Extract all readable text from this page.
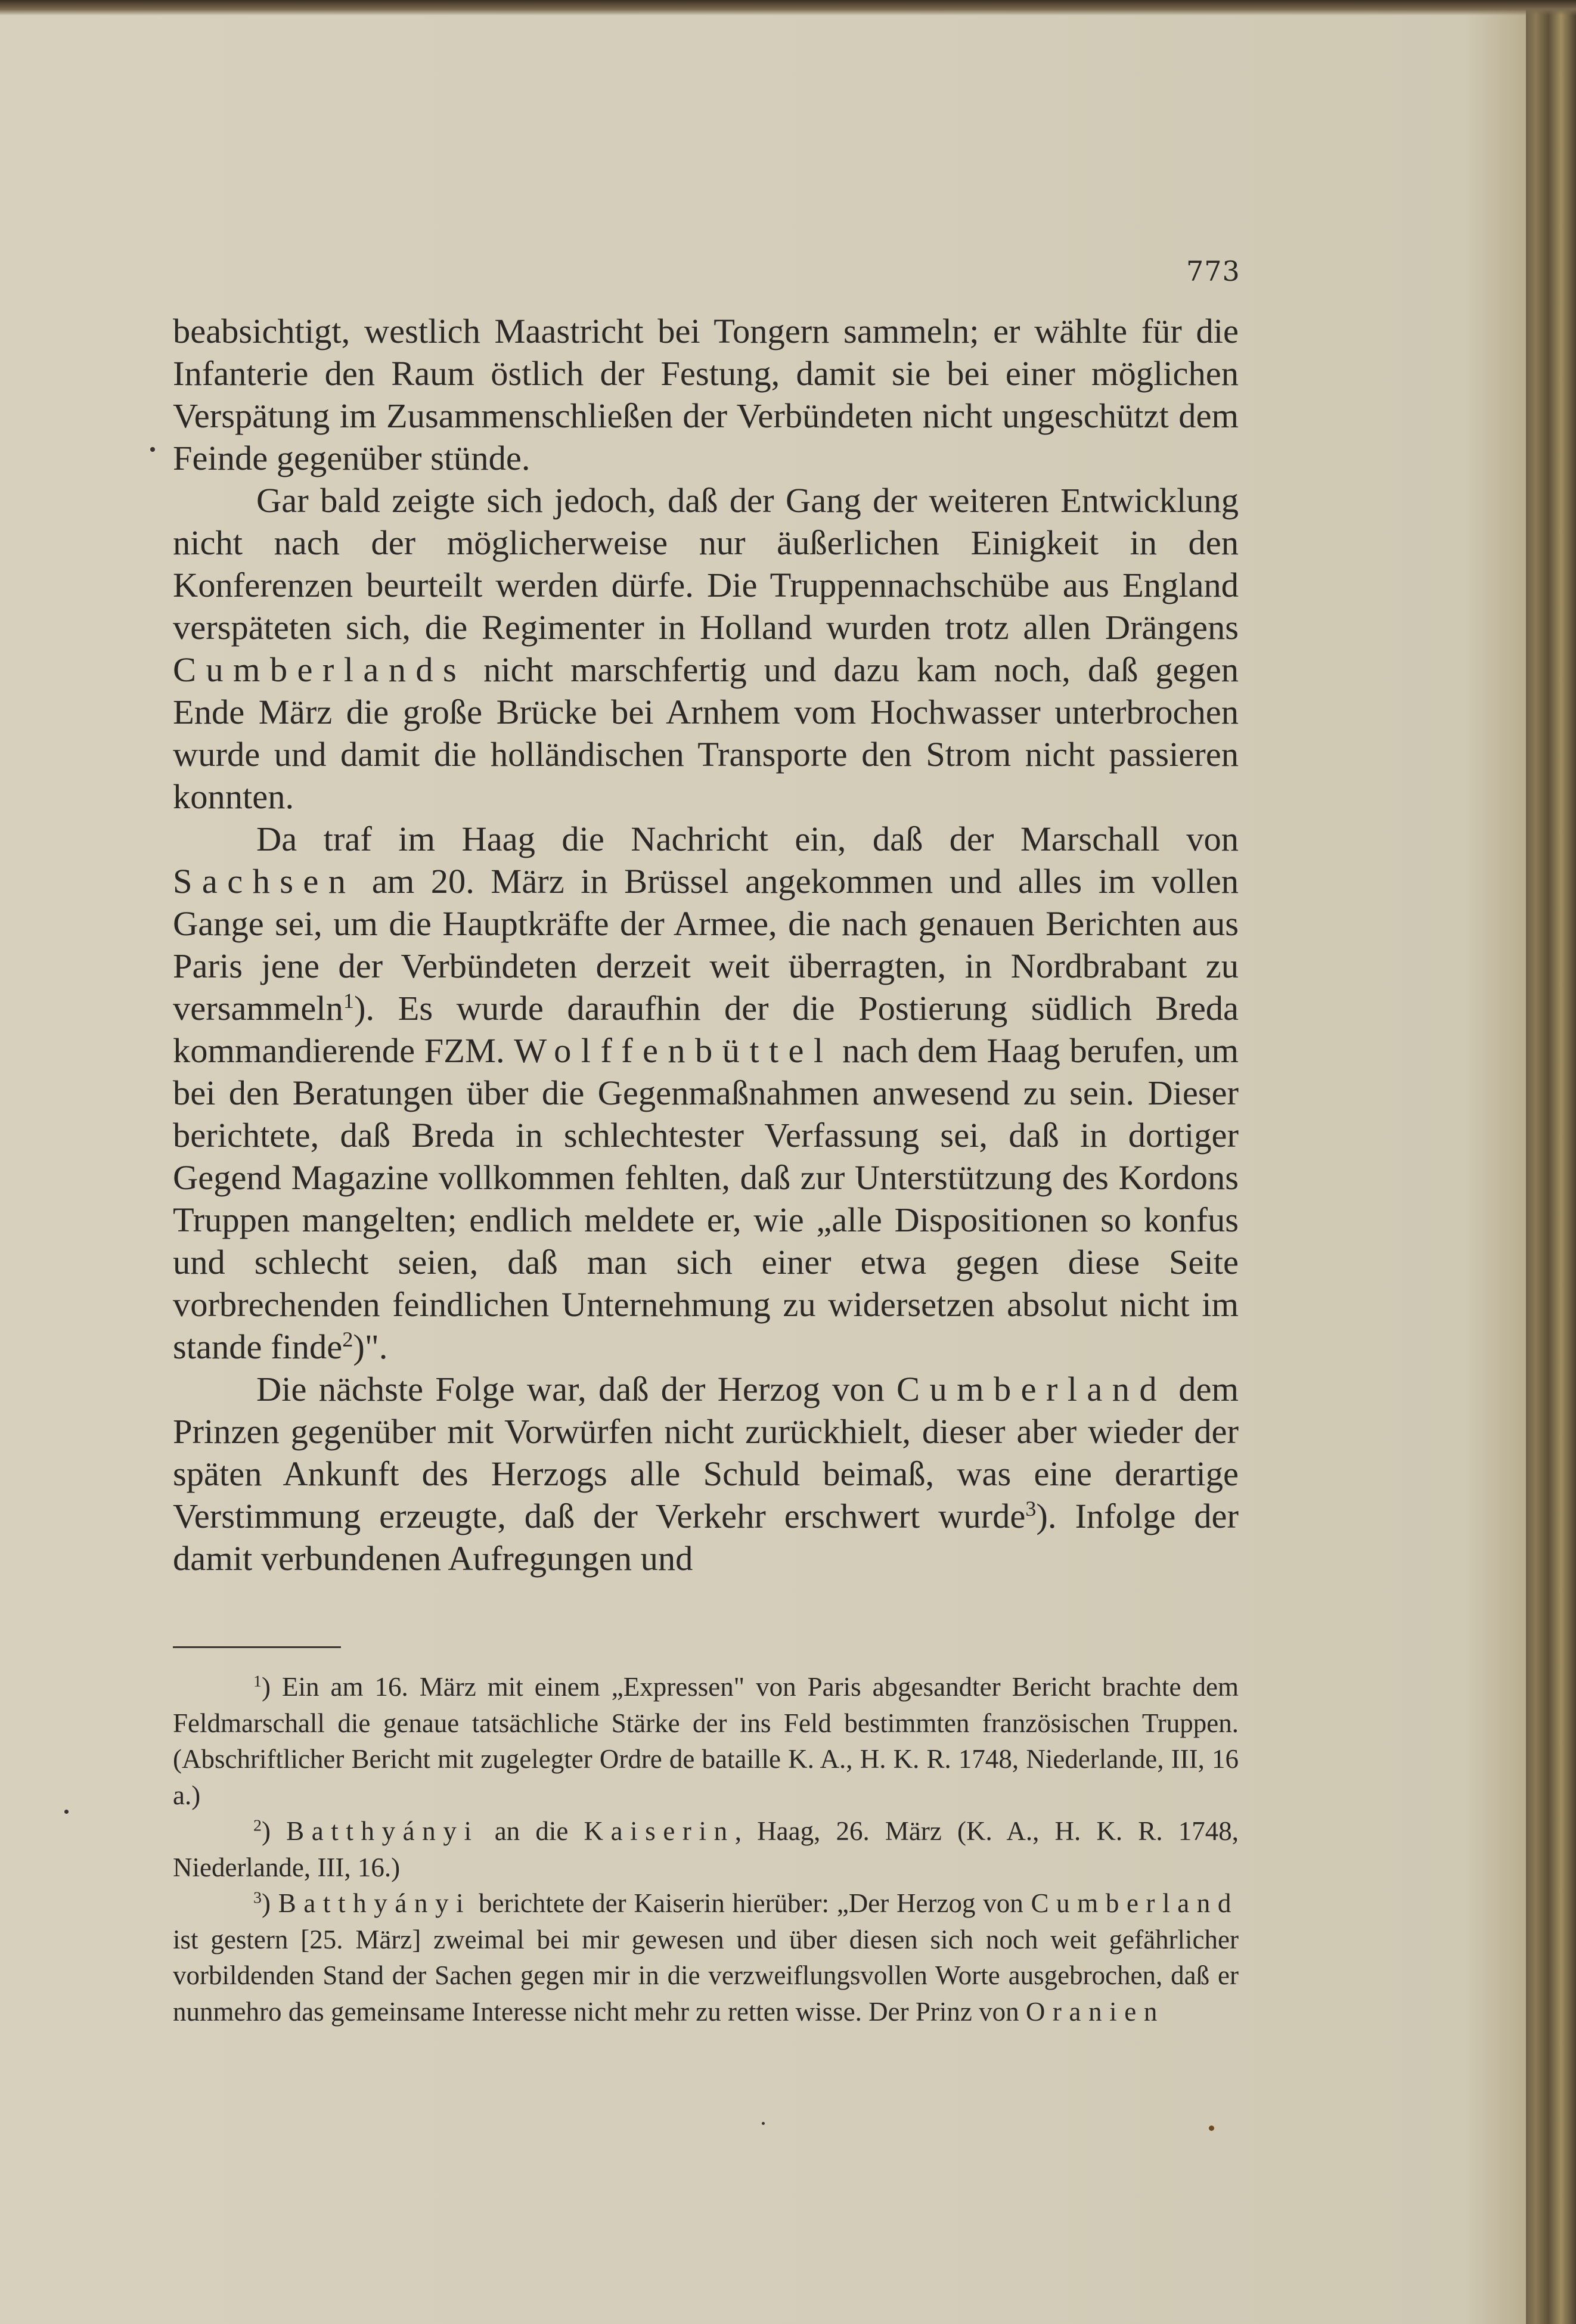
773

beabsichtigt, westlich Maastricht bei Tongern sammeln; er wählte für die Infanterie den Raum östlich der Festung, damit sie bei einer möglichen Verspätung im Zusammenschließen der Verbündeten nicht ungeschützt dem Feinde gegenüber stünde.

Gar bald zeigte sich jedoch, daß der Gang der weiteren Entwicklung nicht nach der möglicherweise nur äußerlichen Einigkeit in den Konferenzen beurteilt werden dürfe. Die Truppennachschübe aus England verspäteten sich, die Regimenter in Holland wurden trotz allen Drängens Cumberlands nicht marschfertig und dazu kam noch, daß gegen Ende März die große Brücke bei Arnhem vom Hochwasser unterbrochen wurde und damit die holländischen Transporte den Strom nicht passieren konnten.

Da traf im Haag die Nachricht ein, daß der Marschall von Sachsen am 20. März in Brüssel angekommen und alles im vollen Gange sei, um die Hauptkräfte der Armee, die nach genauen Berichten aus Paris jene der Verbündeten derzeit weit überragten, in Nordbrabant zu versammeln$^1$). Es wurde daraufhin der die Postierung südlich Breda kommandierende FZM. Wolffenbüttel nach dem Haag berufen, um bei den Beratungen über die Gegenmaßnahmen anwesend zu sein. Dieser berichtete, daß Breda in schlechtester Verfassung sei, daß in dortiger Gegend Magazine vollkommen fehlten, daß zur Unterstützung des Kordons Truppen mangelten; endlich meldete er, wie „alle Dispositionen so konfus und schlecht seien, daß man sich einer etwa gegen diese Seite vorbrechenden feindlichen Unternehmung zu widersetzen absolut nicht im stande finde$^2$)".

Die nächste Folge war, daß der Herzog von Cumberland dem Prinzen gegenüber mit Vorwürfen nicht zurückhielt, dieser aber wieder der späten Ankunft des Herzogs alle Schuld beimaß, was eine derartige Verstimmung erzeugte, daß der Verkehr erschwert wurde$^3$). Infolge der damit verbundenen Aufregungen und

$^1$) Ein am 16. März mit einem „Expressen" von Paris abgesandter Bericht brachte dem Feldmarschall die genaue tatsächliche Stärke der ins Feld bestimmten französischen Truppen. (Abschriftlicher Bericht mit zugelegter Ordre de bataille K. A., H. K. R. 1748, Niederlande, III, 16 a.)

$^2$) Batthyányi an die Kaiserin, Haag, 26. März (K. A., H. K. R. 1748, Niederlande, III, 16.)

$^3$) Batthyányi berichtete der Kaiserin hierüber: „Der Herzog von Cumberland ist gestern [25. März] zweimal bei mir gewesen und über diesen sich noch weit gefährlicher vorbildenden Stand der Sachen gegen mir in die verzweiflungsvollen Worte ausgebrochen, daß er nunmehro das gemeinsame Interesse nicht mehr zu retten wisse. Der Prinz von Oranien
